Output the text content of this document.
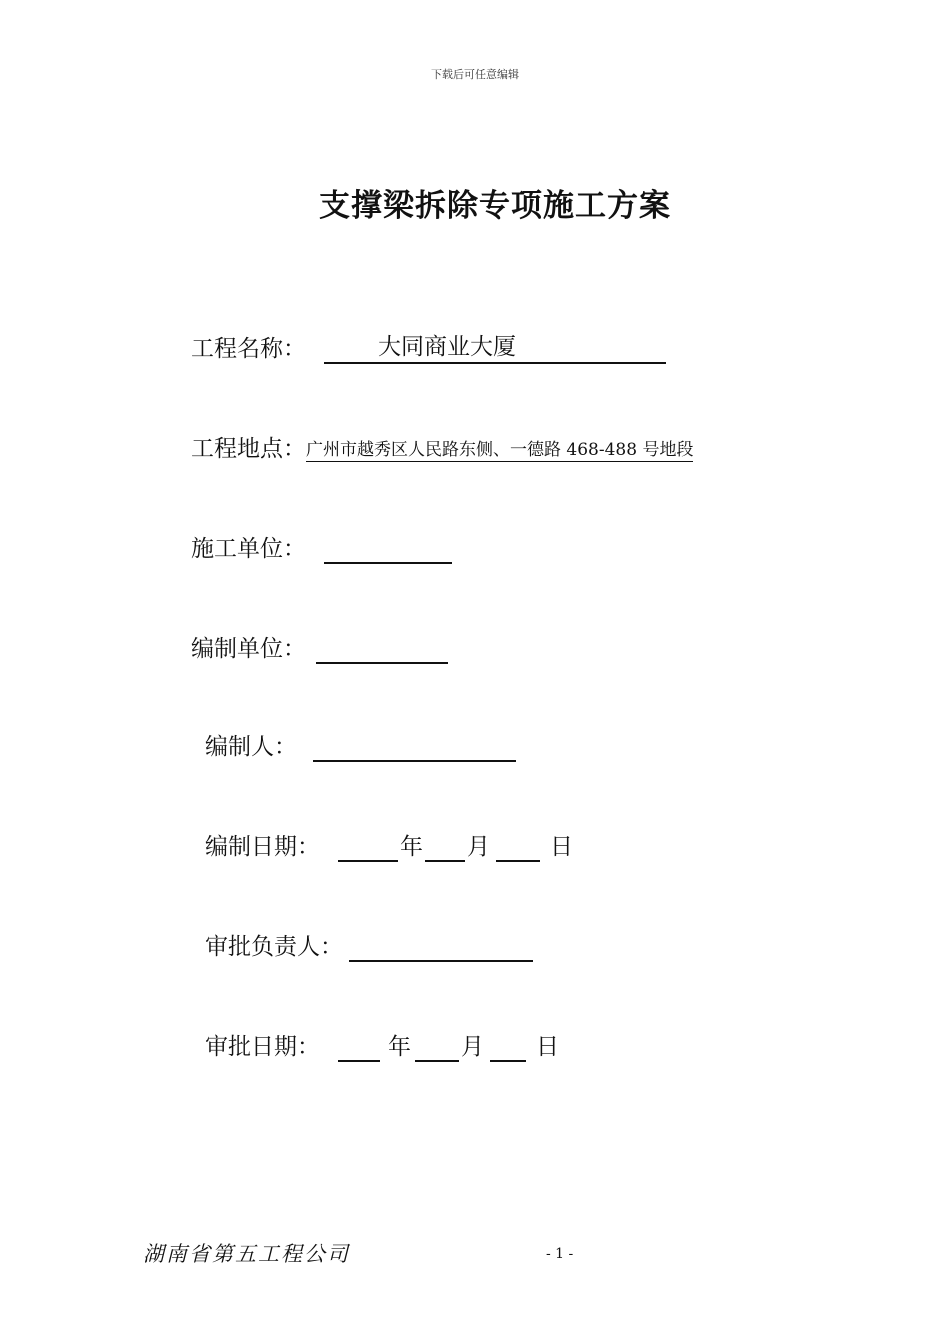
下载后可任意编辑
支撑梁拆除专项施工方案
工程名称：	大同商业大厦
工程地点： 广州市越秀区人民路东侧、一德路 468-488 号地段
施工单位：
编制单位：
编制人：
编制日期：	年 月	日
审批负责人：
审批日期：	年 月 日
湖南省第五工程公司	- 1 -
